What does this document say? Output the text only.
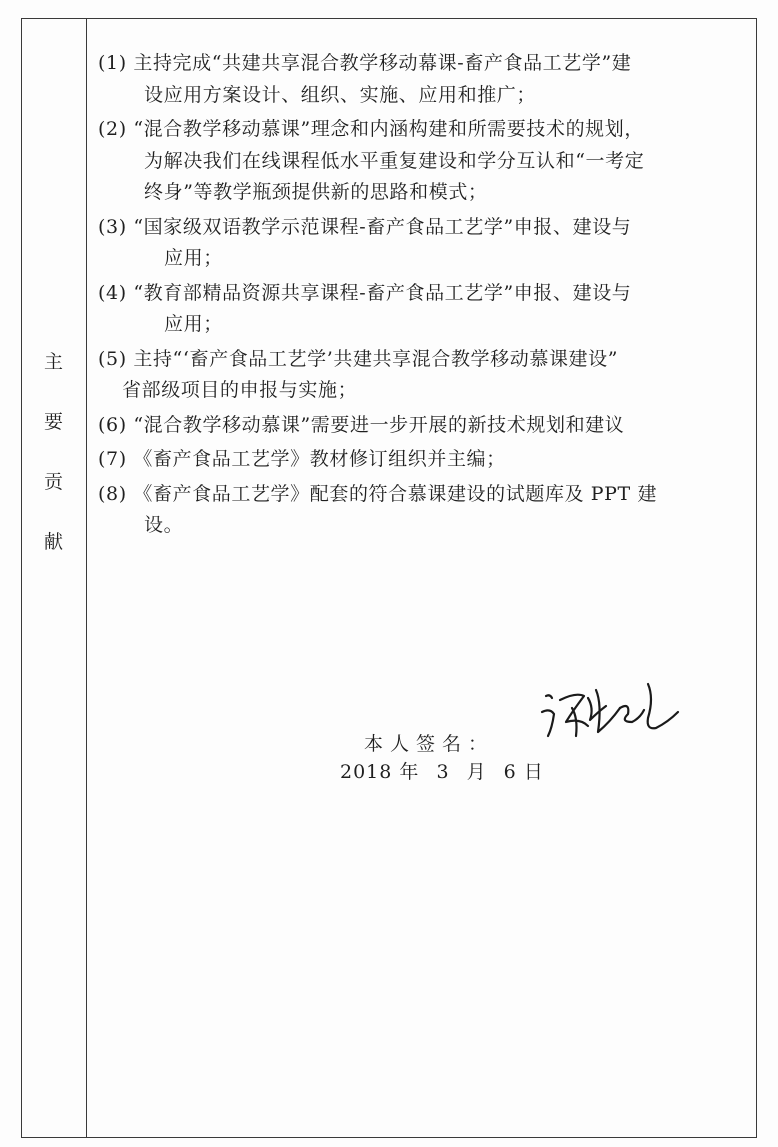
主
要
贡
献
(1) 主持完成“共建共享混合教学移动幕课-畜产食品工艺学”建
设应用方案设计、组织、实施、应用和推广；
(2) “混合教学移动慕课”理念和内涵构建和所需要技术的规划，
为解决我们在线课程低水平重复建设和学分互认和“一考定
终身”等教学瓶颈提供新的思路和模式；
(3) “国家级双语教学示范课程-畜产食品工艺学”申报、建设与
应用；
(4) “教育部精品资源共享课程-畜产食品工艺学”申报、建设与
应用；
(5) 主持“‘畜产食品工艺学’共建共享混合教学移动慕课建设”
省部级项目的申报与实施；
(6) “混合教学移动慕课”需要进一步开展的新技术规划和建议
(7) 《畜产食品工艺学》教材修订组织并主编；
(8) 《畜产食品工艺学》配套的符合慕课建设的试题库及 PPT 建
设。
本人签名：
2018 年 3 月 6 日
